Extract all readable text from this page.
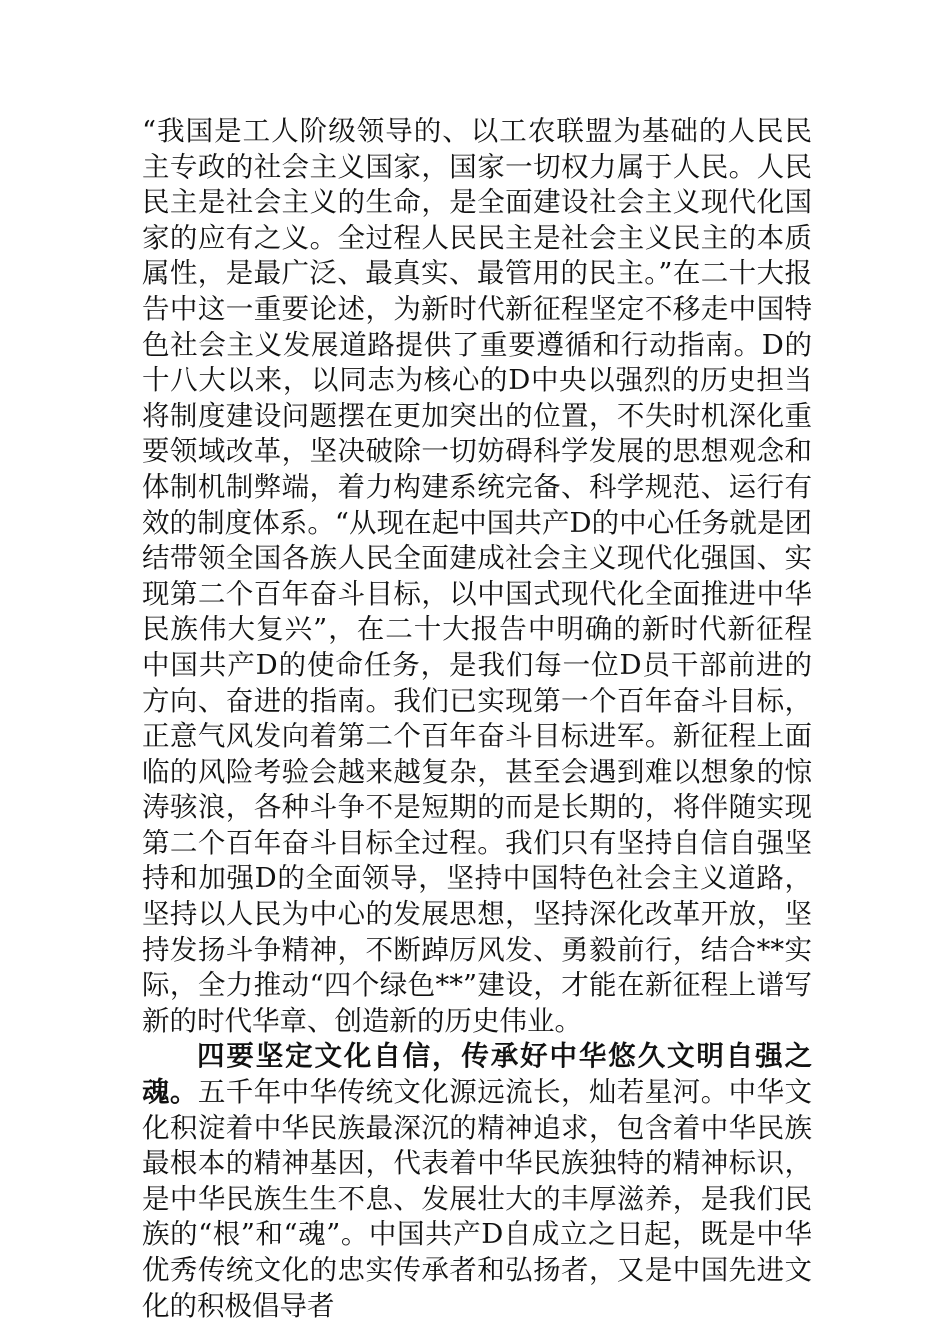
“我国是工人阶级领导的、以工农联盟为基础的人民民主专政的社会主义国家，国家一切权力属于人民。人民民主是社会主义的生命，是全面建设社会主义现代化国家的应有之义。全过程人民民主是社会主义民主的本质属性，是最广泛、最真实、最管用的民主。”在二十大报告中这一重要论述，为新时代新征程坚定不移走中国特色社会主义发展道路提供了重要遵循和行动指南。D的十八大以来，以同志为核心的D中央以强烈的历史担当将制度建设问题摆在更加突出的位置，不失时机深化重要领域改革，坚决破除一切妨碍科学发展的思想观念和体制机制弊端，着力构建系统完备、科学规范、运行有效的制度体系。“从现在起中国共产D的中心任务就是团结带领全国各族人民全面建成社会主义现代化强国、实现第二个百年奋斗目标，以中国式现代化全面推进中华民族伟大复兴”，在二十大报告中明确的新时代新征程中国共产D的使命任务，是我们每一位D员干部前进的方向、奋进的指南。我们已实现第一个百年奋斗目标，正意气风发向着第二个百年奋斗目标进军。新征程上面临的风险考验会越来越复杂，甚至会遇到难以想象的惊涛骇浪，各种斗争不是短期的而是长期的，将伴随实现第二个百年奋斗目标全过程。我们只有坚持自信自强坚持和加强D的全面领导，坚持中国特色社会主义道路，坚持以人民为中心的发展思想，坚持深化改革开放，坚持发扬斗争精神，不断踔厉风发、勇毅前行，结合**实际，全力推动“四个绿色**”建设，才能在新征程上谱写新的时代华章、创造新的历史伟业。

四要坚定文化自信，传承好中华悠久文明自强之魂。五千年中华传统文化源远流长，灿若星河。中华文化积淀着中华民族最深沉的精神追求，包含着中华民族最根本的精神基因，代表着中华民族独特的精神标识，是中华民族生生不息、发展壮大的丰厚滋养，是我们民族的“根”和“魂”。中国共产D自成立之日起，既是中华优秀传统文化的忠实传承者和弘扬者，又是中国先进文化的积极倡导者
